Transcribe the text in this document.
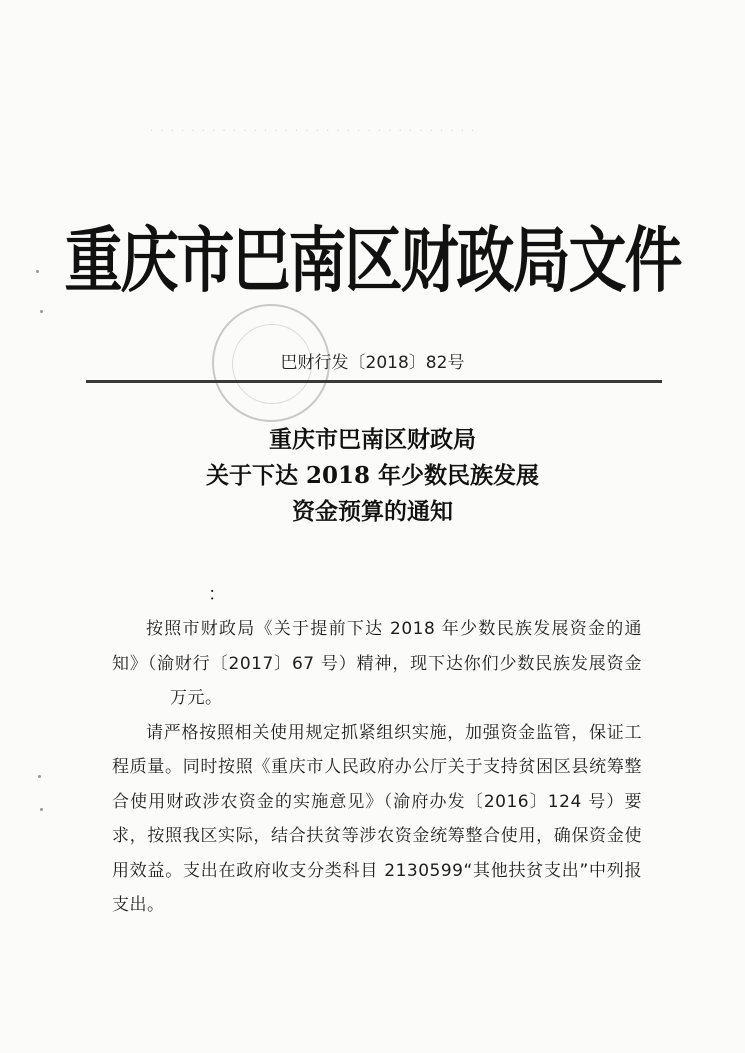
· · · · · · · · · · · · · · · · · · · · · · · · · · · · · · · ·
重庆市巴南区财政局文件
巴财行发〔2018〕82号
重庆市巴南区财政局
关于下达 2018 年少数民族发展
资金预算的通知
：

按照市财政局《关于提前下达 2018 年少数民族发展资金的通知》（渝财行〔2017〕67 号）精神，现下达你们少数民族发展资金万元。

请严格按照相关使用规定抓紧组织实施，加强资金监管，保证工程质量。同时按照《重庆市人民政府办公厅关于支持贫困区县统筹整合使用财政涉农资金的实施意见》（渝府办发〔2016〕124 号）要求，按照我区实际，结合扶贫等涉农资金统筹整合使用，确保资金使用效益。支出在政府收支分类科目 2130599“其他扶贫支出”中列报支出。
